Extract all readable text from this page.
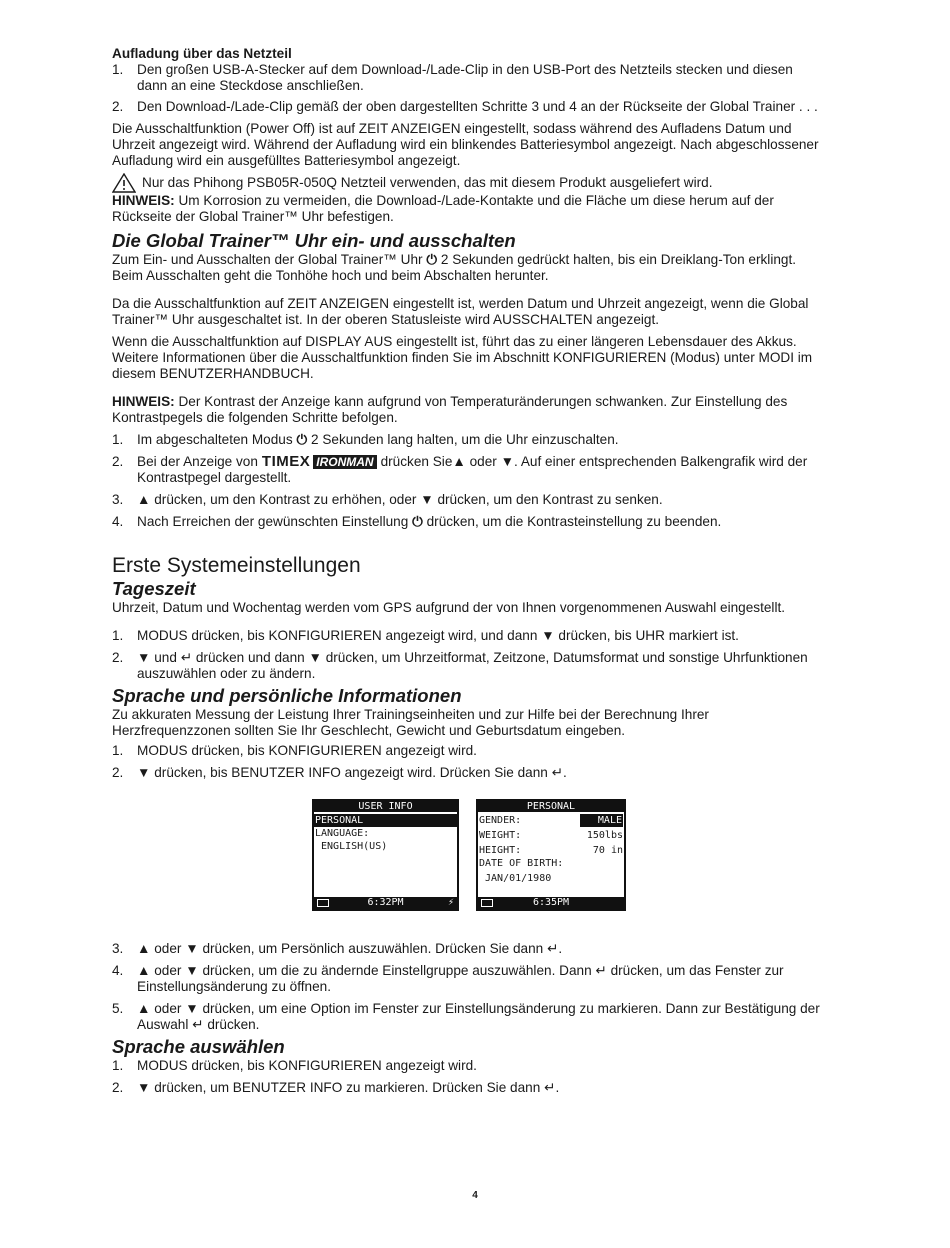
Aufladung über das Netzteil

1. Den großen USB-A-Stecker auf dem Download-/Lade-Clip in den USB-Port des Netzteils stecken und diesen dann an eine Steckdose anschließen.
2. Den Download-/Lade-Clip gemäß der oben dargestellten Schritte 3 und 4 an der Rückseite der Global Trainer . . .

Die Ausschaltfunktion (Power Off) ist auf ZEIT ANZEIGEN eingestellt, sodass während des Aufladens Datum und Uhrzeit angezeigt wird. Während der Aufladung wird ein blinkendes Batteriesymbol angezeigt. Nach abgeschlossener Aufladung wird ein ausgefülltes Batteriesymbol angezeigt.

Nur das Phihong PSB05R-050Q Netzteil verwenden, das mit diesem Produkt ausgeliefert wird.

HINWEIS: Um Korrosion zu vermeiden, die Download-/Lade-Kontakte und die Fläche um diese herum auf der Rückseite der Global Trainer™ Uhr befestigen.

Die Global Trainer™ Uhr ein- und ausschalten

Zum Ein- und Ausschalten der Global Trainer™ Uhr ⏻ 2 Sekunden gedrückt halten, bis ein Dreiklang-Ton erklingt. Beim Ausschalten geht die Tonhöhe hoch und beim Abschalten herunter.

Da die Ausschaltfunktion auf ZEIT ANZEIGEN eingestellt ist, werden Datum und Uhrzeit angezeigt, wenn die Global Trainer™ Uhr ausgeschaltet ist. In der oberen Statusleiste wird AUSSCHALTEN angezeigt.

Wenn die Ausschaltfunktion auf DISPLAY AUS eingestellt ist, führt das zu einer längeren Lebensdauer des Akkus. Weitere Informationen über die Ausschaltfunktion finden Sie im Abschnitt KONFIGURIEREN (Modus) unter MODI im diesem BENUTZERHANDBUCH.

HINWEIS: Der Kontrast der Anzeige kann aufgrund von Temperaturänderungen schwanken. Zur Einstellung des Kontrastpegels die folgenden Schritte befolgen.

1. Im abgeschalteten Modus ⏻ 2 Sekunden lang halten, um die Uhr einzuschalten.
2. Bei der Anzeige von TIMEX IRONMAN drücken Sie▲ oder ▼. Auf einer entsprechenden Balkengrafik wird der Kontrastpegel dargestellt.
3. ▲ drücken, um den Kontrast zu erhöhen, oder ▼ drücken, um den Kontrast zu senken.
4. Nach Erreichen der gewünschten Einstellung ⏻ drücken, um die Kontrasteinstellung zu beenden.

Erste Systemeinstellungen

Tageszeit

Uhrzeit, Datum und Wochentag werden vom GPS aufgrund der von Ihnen vorgenommenen Auswahl eingestellt.

1. MODUS drücken, bis KONFIGURIEREN angezeigt wird, und dann ▼ drücken, bis UHR markiert ist.
2. ▼ und ↵ drücken und dann ▼ drücken, um Uhrzeitformat, Zeitzone, Datumsformat und sonstige Uhrfunktionen auszuwählen oder zu ändern.

Sprache und persönliche Informationen

Zu akkuraten Messung der Leistung Ihrer Trainingseinheiten und zur Hilfe bei der Berechnung Ihrer Herzfrequenzzonen sollten Sie Ihr Geschlecht, Gewicht und Geburtsdatum eingeben.

1. MODUS drücken, bis KONFIGURIEREN angezeigt wird.
2. ▼ drücken, bis BENUTZER INFO angezeigt wird. Drücken Sie dann ↵.
USER INFO
PERSONAL
LANGUAGE:
ENGLISH(US)
6:32PM	⚡
PERSONAL
GENDER:	MALE
WEIGHT:	150lbs
HEIGHT:	70 in
DATE OF BIRTH:
JAN/01/1980
6:35PM
3. ▲ oder ▼ drücken, um Persönlich auszuwählen. Drücken Sie dann ↵.
4. ▲ oder ▼ drücken, um die zu ändernde Einstellgruppe auszuwählen. Dann ↵ drücken, um das Fenster zur Einstellungsänderung zu öffnen.
5. ▲ oder ▼ drücken, um eine Option im Fenster zur Einstellungsänderung zu markieren. Dann zur Bestätigung der Auswahl ↵ drücken.

Sprache auswählen

1. MODUS drücken, bis KONFIGURIEREN angezeigt wird.
2. ▼ drücken, um BENUTZER INFO zu markieren. Drücken Sie dann ↵.
4
